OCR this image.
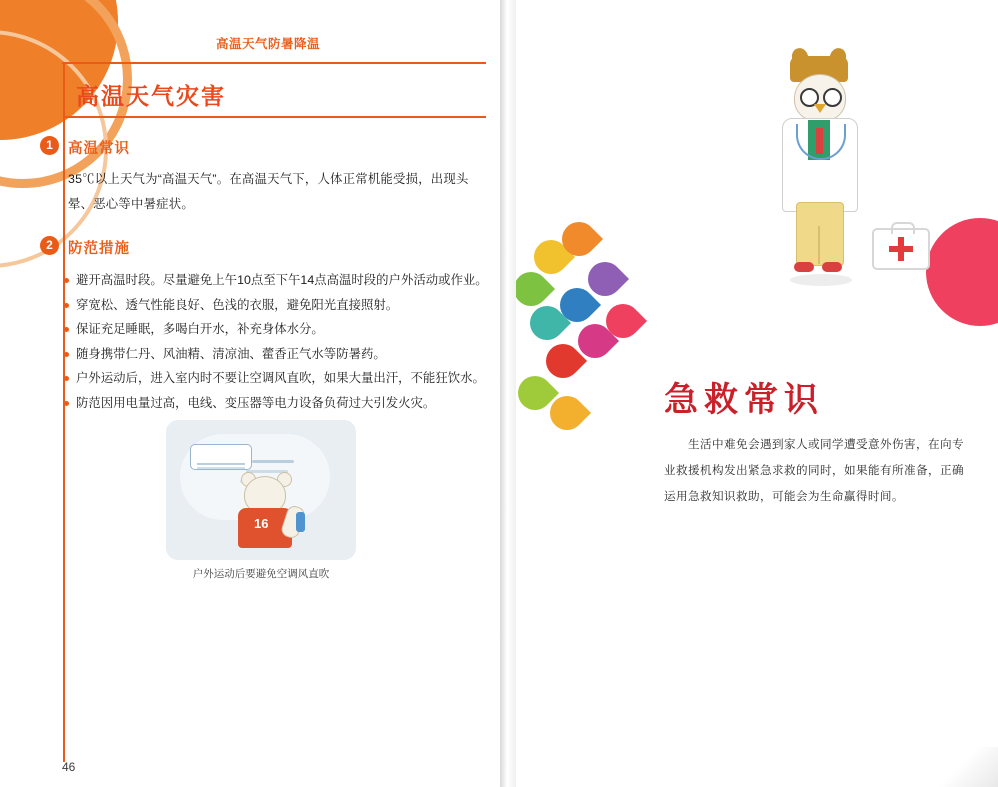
高温天气防暑降温
高温天气灾害
1	高温常识
35℃以上天气为“高温天气”。在高温天气下，人体正常机能受损，出现头
晕、恶心等中暑症状。
2	防范措施
避开高温时段。尽量避免上午10点至下午14点高温时段的户外活动或作业。
穿宽松、透气性能良好、色浅的衣服，避免阳光直接照射。
保证充足睡眠，多喝白开水，补充身体水分。
随身携带仁丹、风油精、清凉油、藿香正气水等防暑药。
户外运动后，进入室内时不要让空调风直吹，如果大量出汗，不能狂饮水。
防范因用电量过高，电线、变压器等电力设备负荷过大引发火灾。
16
户外运动后要避免空调风直吹
46
急救常识
生活中难免会遇到家人或同学遭受意外伤害，在向专业救援机构发出紧急求救的同时，如果能有所准备，正确运用急救知识救助，可能会为生命赢得时间。
